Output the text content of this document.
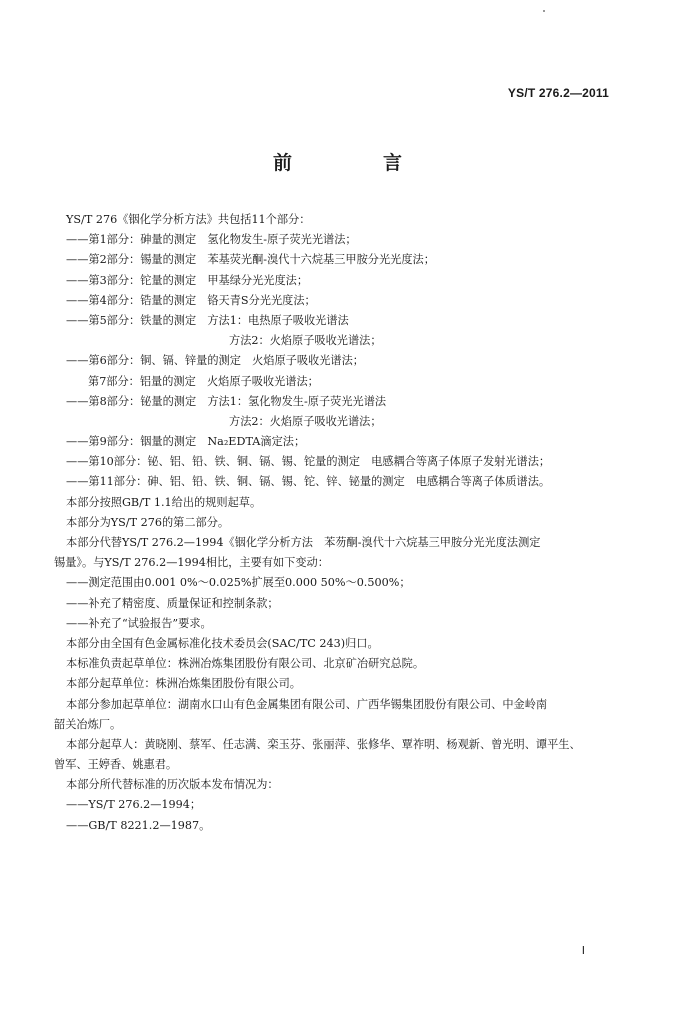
YS/T 276.2—2011
前　言
YS/T 276《铟化学分析方法》共包括11个部分：
——第1部分：砷量的测定　氢化物发生-原子荧光光谱法；
——第2部分：锡量的测定　苯基荧光酮-溴代十六烷基三甲胺分光光度法；
——第3部分：铊量的测定　甲基绿分光光度法；
——第4部分：锆量的测定　铬天青S分光光度法；
——第5部分：铁量的测定　方法1：电热原子吸收光谱法
方法2：火焰原子吸收光谱法；
——第6部分：铜、镉、锌量的测定　火焰原子吸收光谱法；
第7部分：铝量的测定　火焰原子吸收光谱法；
——第8部分：铋量的测定　方法1：氢化物发生-原子荧光光谱法
方法2：火焰原子吸收光谱法；
——第9部分：铟量的测定　Na₂EDTA滴定法；
——第10部分：铋、铝、铅、铁、铜、镉、锡、铊量的测定　电感耦合等离子体原子发射光谱法；
——第11部分：砷、铝、铅、铁、铜、镉、锡、铊、锌、铋量的测定　电感耦合等离子体质谱法。
本部分按照GB/T 1.1给出的规则起草。
本部分为YS/T 276的第二部分。
本部分代替YS/T 276.2—1994《铟化学分析方法　苯芴酮-溴代十六烷基三甲胺分光光度法测定
锡量》。与YS/T 276.2—1994相比，主要有如下变动：
——测定范围由0.001 0%～0.025%扩展至0.000 50%～0.500%；
——补充了精密度、质量保证和控制条款；
——补充了“试验报告”要求。
本部分由全国有色金属标准化技术委员会(SAC/TC 243)归口。
本标准负责起草单位：株洲冶炼集团股份有限公司、北京矿冶研究总院。
本部分起草单位：株洲冶炼集团股份有限公司。
本部分参加起草单位：湖南水口山有色金属集团有限公司、广西华锡集团股份有限公司、中金岭南
韶关冶炼厂。
本部分起草人：黄晓刚、蔡军、任志满、栾玉芬、张丽萍、张修华、覃祚明、杨观新、曾光明、谭平生、
曾军、王婷香、姚惠君。
本部分所代替标准的历次版本发布情况为：
——YS/T 276.2—1994；
——GB/T 8221.2—1987。
I
